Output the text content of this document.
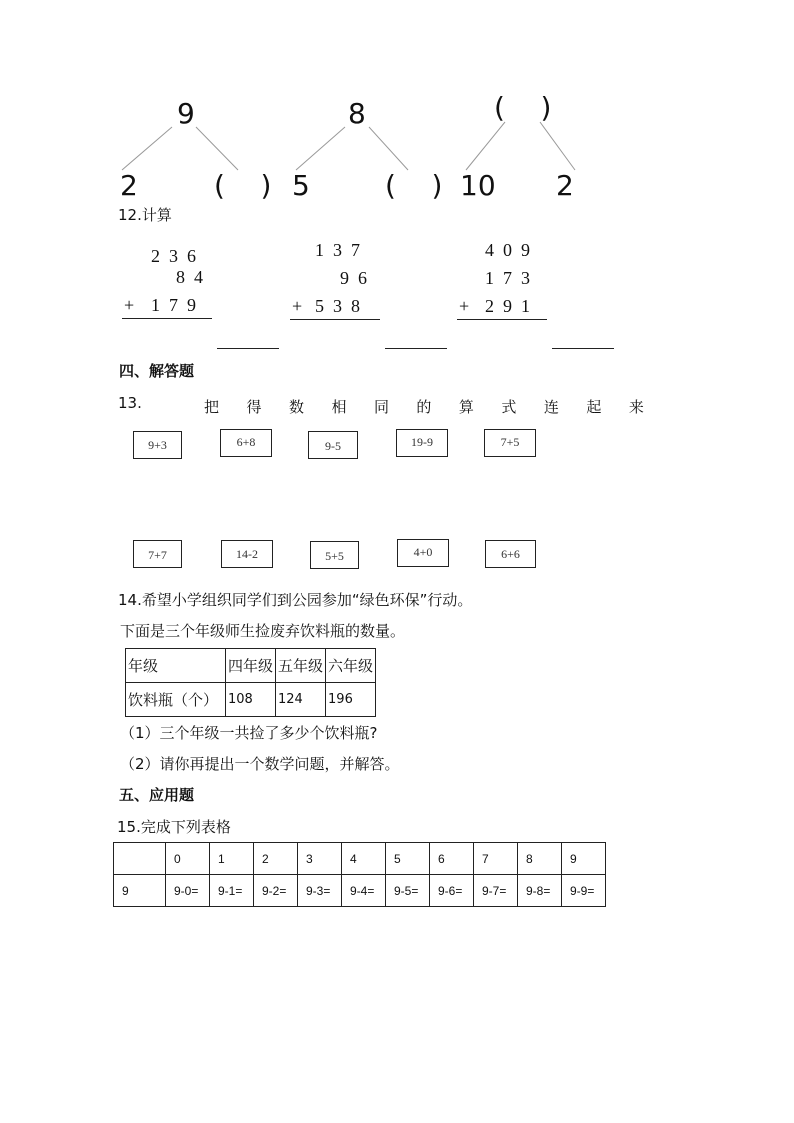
9
2	(    )
8
5	(    )
(    )
10 2
12.计算
2  3  6
8  4
+ 1  7  9
1  3  7
9  6
+ 5  3  8
4  0  9
1  7  3
+ 2  9  1
四、解答题
13.	把 得 数 相 同 的 算 式 连 起 来
9+3	6+8	9-5	19-9	7+5
7+7	14-2	5+5	4+0	6+6
14.希望小学组织同学们到公园参加“绿色环保”行动。
下面是三个年级师生捡废弃饮料瓶的数量。
年级	四年级	五年级	六年级
饮料瓶（个）	108	124	196
（1）三个年级一共捡了多少个饮料瓶?
（2）请你再提出一个数学问题，并解答。
五、应用题
15.完成下列表格
	0	1	2	3	4	5	6	7	8	9
9	9-0=	9-1=	9-2=	9-3=	9-4=	9-5=	9-6=	9-7=	9-8=	9-9=
